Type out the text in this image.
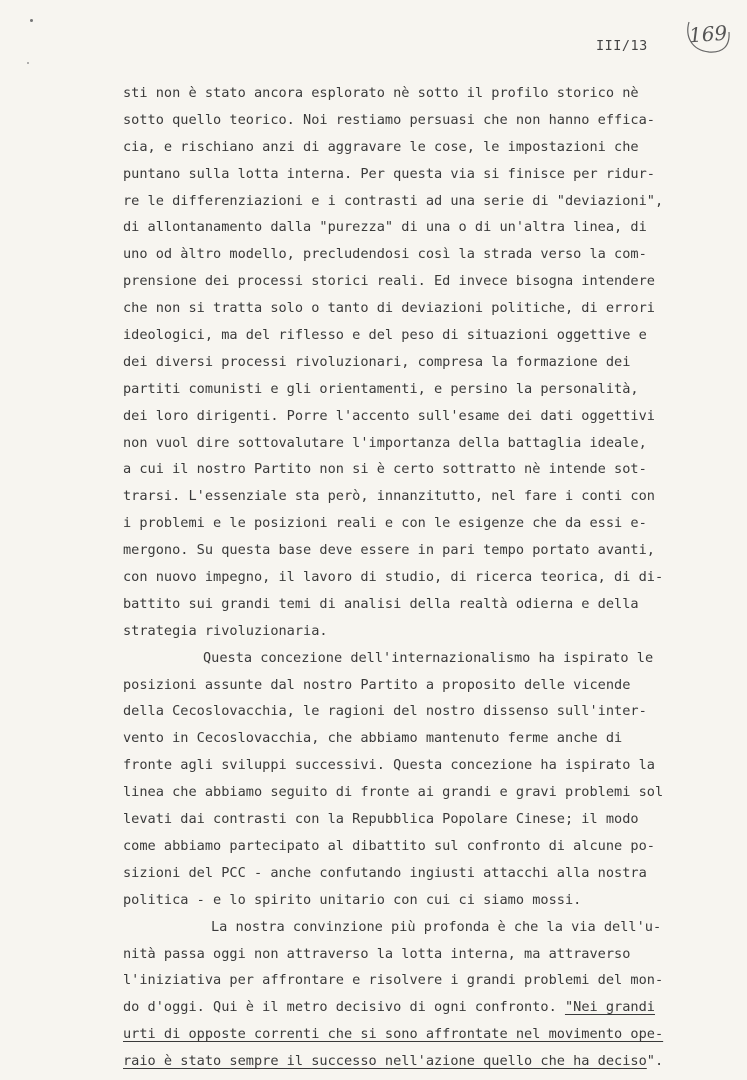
III/13 169
sti non è stato ancora esplorato nè sotto il profilo storico nè
sotto quello teorico. Noi restiamo persuasi che non hanno effica-
cia, e rischiano anzi di aggravare le cose, le impostazioni che
puntano sulla lotta interna. Per questa via si finisce per ridur-
re le differenziazioni e i contrasti ad una serie di "deviazioni",
di allontanamento dalla "purezza" di una o di un'altra linea, di
uno od àltro modello, precludendosi così la strada verso la com-
prensione dei processi storici reali. Ed invece bisogna intendere
che non si tratta solo o tanto di deviazioni politiche, di errori
ideologici, ma del riflesso e del peso di situazioni oggettive e
dei diversi processi rivoluzionari, compresa la formazione dei
partiti comunisti e gli orientamenti, e persino la personalità,
dei loro dirigenti. Porre l'accento sull'esame dei dati oggettivi
non vuol dire sottovalutare l'importanza della battaglia ideale,
a cui il nostro Partito non si è certo sottratto nè intende sot-
trarsi. L'essenziale sta però, innanzitutto, nel fare i conti con
i problemi e le posizioni reali e con le esigenze che da essi e-
mergono. Su questa base deve essere in pari tempo portato avanti,
con nuovo impegno, il lavoro di studio, di ricerca teorica, di di-
battito sui grandi temi di analisi della realtà odierna e della
strategia rivoluzionaria.
Questa concezione dell'internazionalismo ha ispirato le
posizioni assunte dal nostro Partito a proposito delle vicende
della Cecoslovacchia, le ragioni del nostro dissenso sull'inter-
vento in Cecoslovacchia, che abbiamo mantenuto ferme anche di
fronte agli sviluppi successivi. Questa concezione ha ispirato la
linea che abbiamo seguito di fronte ai grandi e gravi problemi sol
levati dai contrasti con la Repubblica Popolare Cinese; il modo
come abbiamo partecipato al dibattito sul confronto di alcune po-
sizioni del PCC - anche confutando ingiusti attacchi alla nostra
politica - e lo spirito unitario con cui ci siamo mossi.
La nostra convinzione più profonda è che la via dell'u-
nità passa oggi non attraverso la lotta interna, ma attraverso
l'iniziativa per affrontare e risolvere i grandi problemi del mon-
do d'oggi. Qui è il metro decisivo di ogni confronto. "Nei grandi
urti di opposte correnti che si sono affrontate nel movimento ope-
raio è stato sempre il successo nell'azione quello che ha deciso".
